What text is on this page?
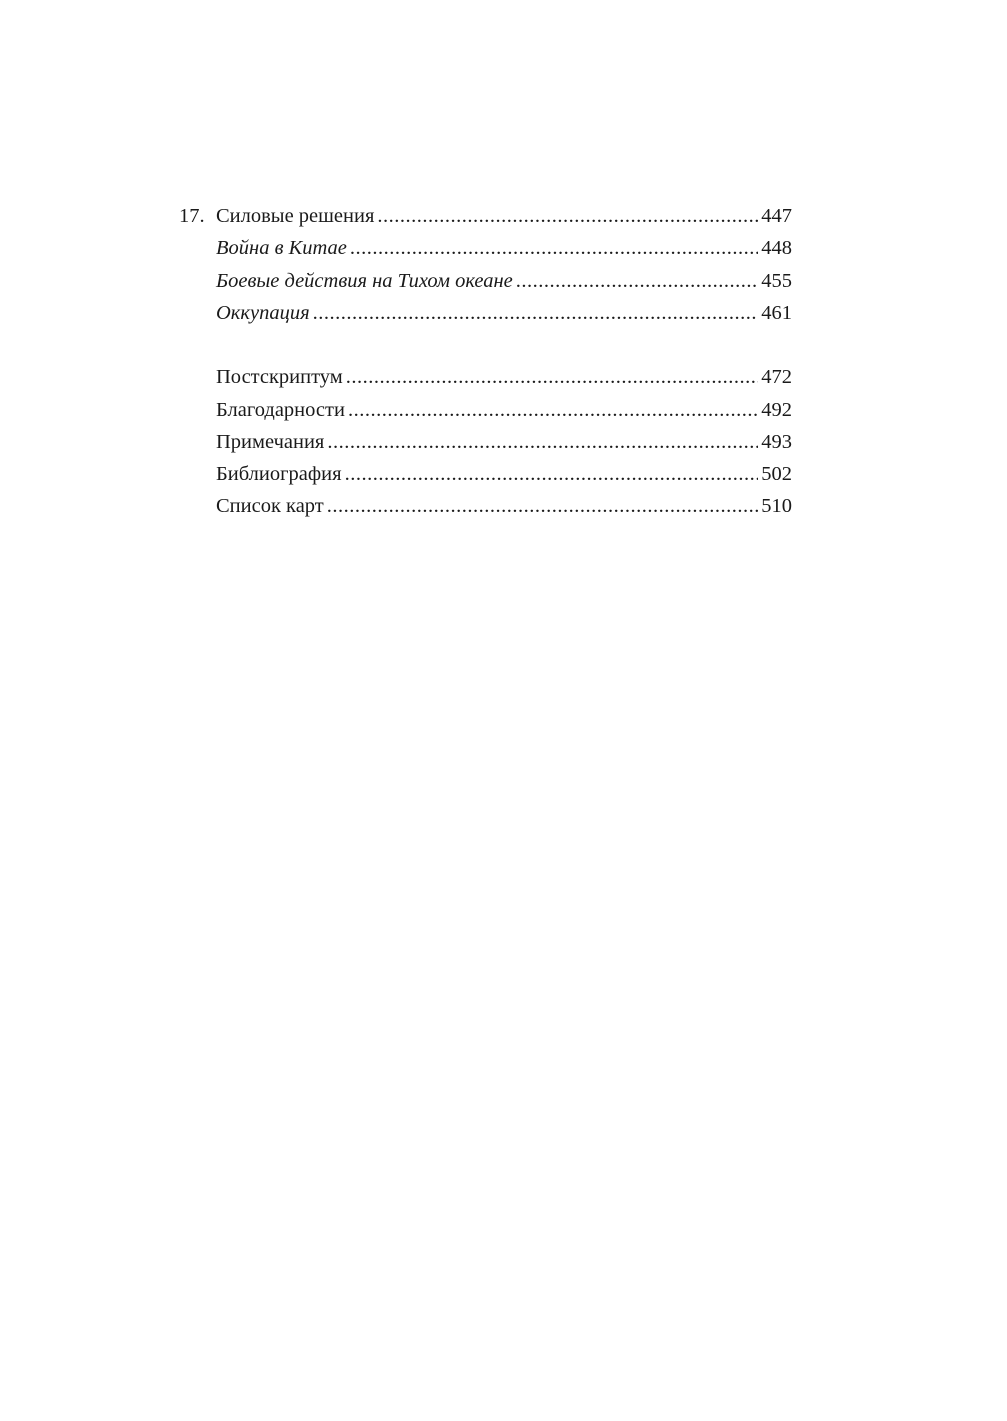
17. Силовые решения .....	447
Война в Китае .....	448
Боевые действия на Тихом океане .....	455
Оккупация .....	461
Постскриптум .....	472
Благодарности .....	492
Примечания .....	493
Библиография .....	502
Список карт .....	510
